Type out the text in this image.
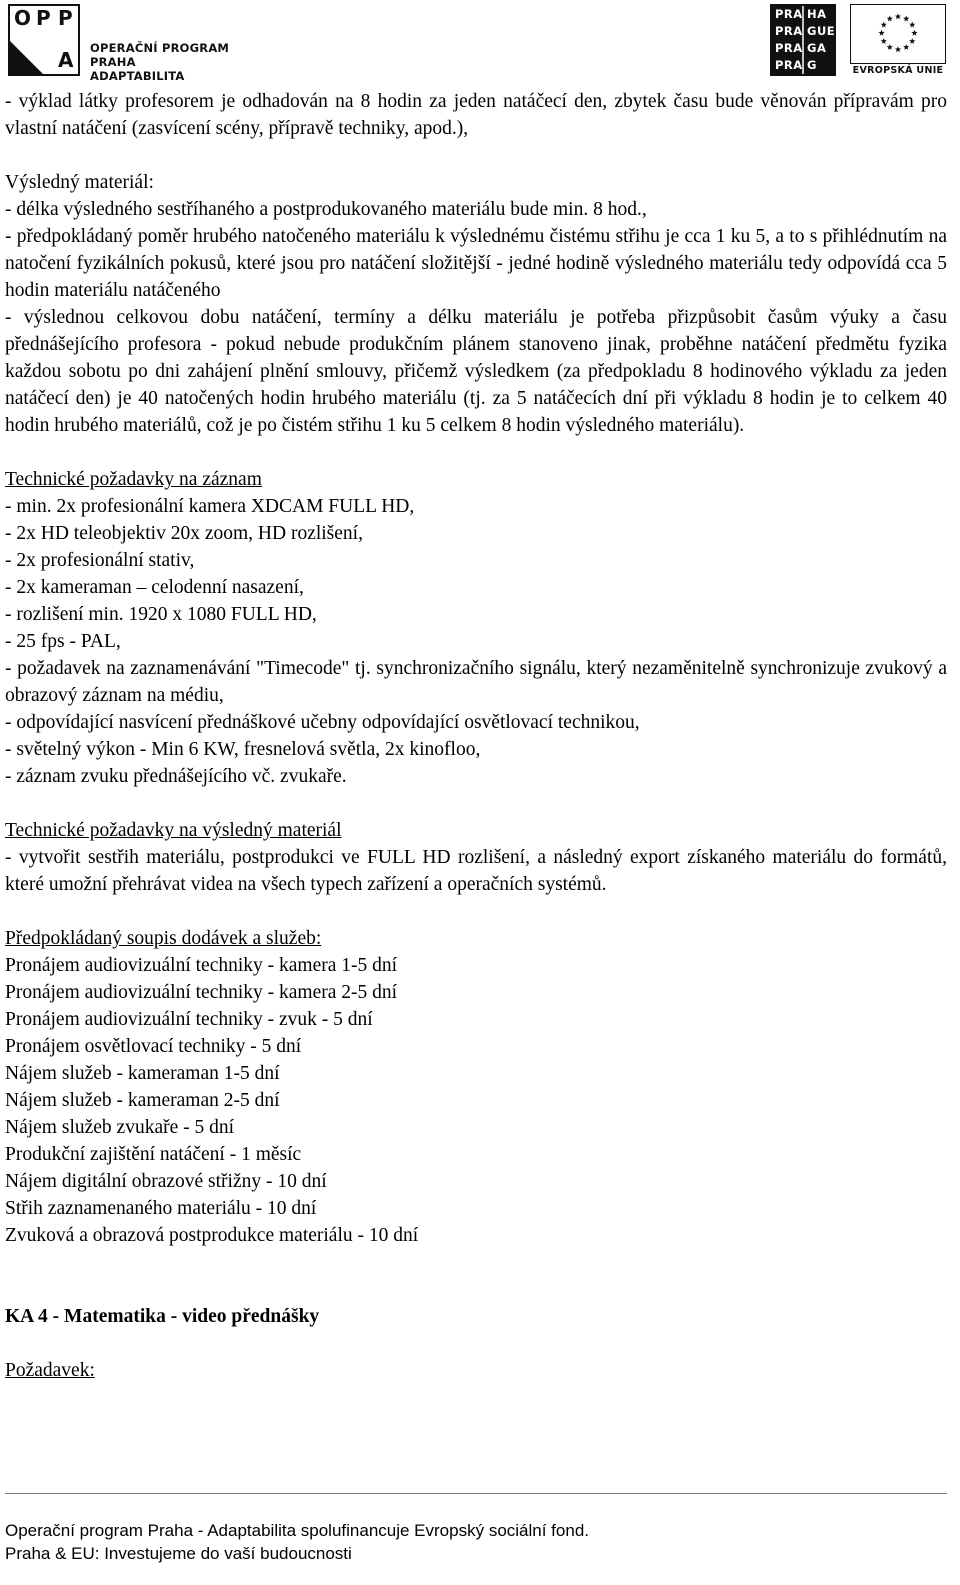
O P P
A OPERAČNÍ PROGRAM PRAHA
ADAPTABILITA
PRA HA
PRA GUE
PRA GA
PRA G	EVROPSKÁ UNIE

- výklad látky profesorem je odhadován na 8 hodin za jeden natáčecí den, zbytek času bude věnován přípravám pro vlastní natáčení (zasvícení scény, přípravě techniky, apod.),

Výsledný materiál:

- délka výsledného sestříhaného a postprodukovaného materiálu bude min. 8 hod.,

- předpokládaný poměr hrubého natočeného materiálu k výslednému čistému střihu je cca 1 ku 5, a to s přihlédnutím na natočení fyzikálních pokusů, které jsou pro natáčení složitější - jedné hodině výsledného materiálu tedy odpovídá cca 5 hodin materiálu natáčeného

- výslednou celkovou dobu natáčení, termíny a délku materiálu je potřeba přizpůsobit časům výuky a času přednášejícího profesora - pokud nebude produkčním plánem stanoveno jinak, proběhne natáčení předmětu fyzika každou sobotu po dni zahájení plnění smlouvy, přičemž výsledkem (za předpokladu 8 hodinového výkladu za jeden natáčecí den) je 40 natočených hodin hrubého materiálu (tj. za 5 natáčecích dní při výkladu 8 hodin je to celkem 40 hodin hrubého materiálů, což je po čistém střihu 1 ku 5 celkem 8 hodin výsledného materiálu).

Technické požadavky na záznam

- min. 2x profesionální kamera XDCAM FULL HD,

- 2x HD teleobjektiv 20x zoom, HD rozlišení,

- 2x profesionální stativ,

- 2x kameraman – celodenní nasazení,

- rozlišení min. 1920 x 1080 FULL HD,

- 25 fps - PAL,

- požadavek na zaznamenávání "Timecode" tj. synchronizačního signálu, který nezaměnitelně synchronizuje zvukový a obrazový záznam na médiu,

- odpovídající nasvícení přednáškové učebny odpovídající osvětlovací technikou,

- světelný výkon - Min 6 KW, fresnelová světla, 2x kinofloo,

- záznam zvuku přednášejícího vč. zvukaře.

Technické požadavky na výsledný materiál

- vytvořit sestřih materiálu, postprodukci ve FULL HD rozlišení, a následný export získaného materiálu do formátů, které umožní přehrávat videa na všech typech zařízení a operačních systémů.

Předpokládaný soupis dodávek a služeb:

Pronájem audiovizuální techniky - kamera 1-5 dní

Pronájem audiovizuální techniky - kamera 2-5 dní

Pronájem audiovizuální techniky - zvuk - 5 dní

Pronájem osvětlovací techniky - 5 dní

Nájem služeb - kameraman 1-5 dní

Nájem služeb - kameraman 2-5 dní

Nájem služeb zvukaře - 5 dní

Produkční zajištění natáčení - 1 měsíc

Nájem digitální obrazové střižny - 10 dní

Střih zaznamenaného materiálu - 10 dní

Zvuková a obrazová postprodukce materiálu - 10 dní

KA 4 - Matematika - video přednášky

Požadavek:

Operační program Praha - Adaptabilita spolufinancuje Evropský sociální fond.

Praha & EU: Investujeme do vaší budoucnosti
